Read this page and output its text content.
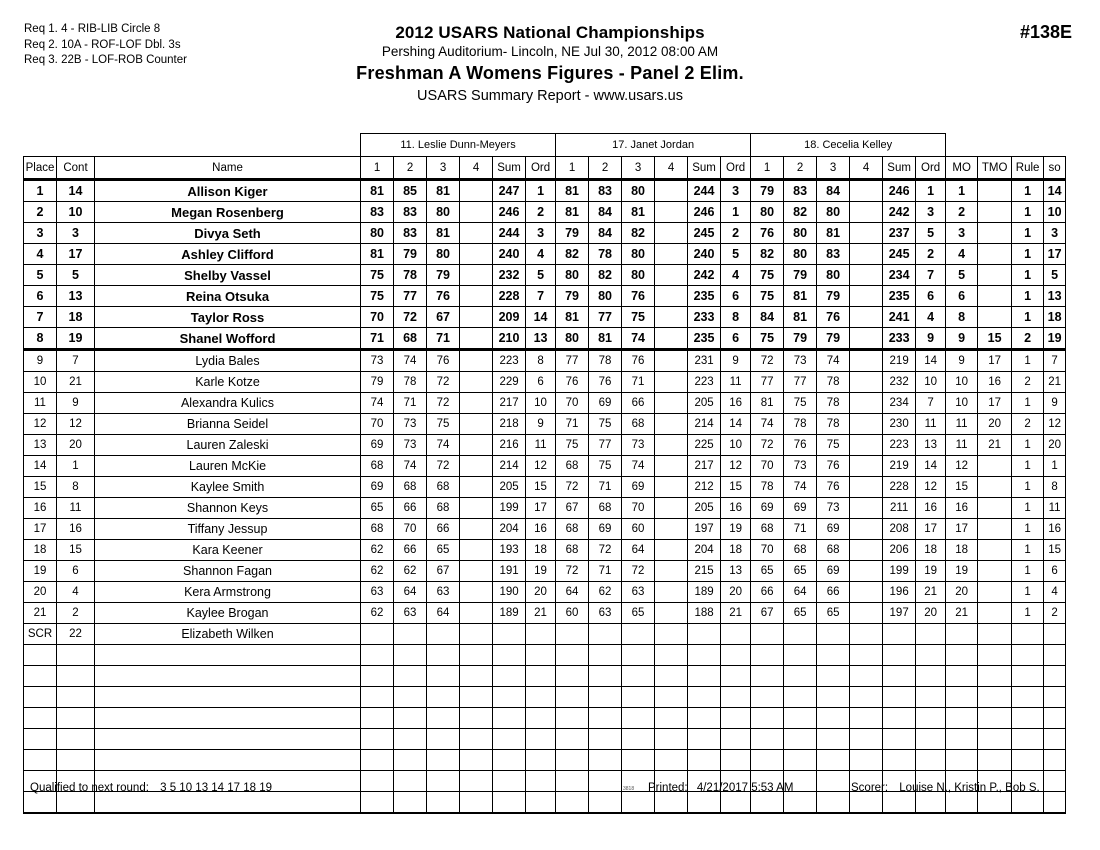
Req 1. 4 - RIB-LIB Circle 8
Req 2. 10A - ROF-LOF Dbl. 3s
Req 3. 22B - LOF-ROB Counter
2012 USARS National Championships
Pershing Auditorium- Lincoln, NE Jul 30, 2012 08:00 AM
Freshman A Womens Figures - Panel 2 Elim.
USARS Summary Report - www.usars.us
#138E
			11. Leslie Dunn-Meyers						17. Janet Jordan						18. Cecelia Kelley									
Place	Cont	Name	1	2	3	4	Sum	Ord	1	2	3	4	Sum	Ord	1	2	3	4	Sum	Ord	MO	TMO	Rule	so
1	14	Allison Kiger	81	85	81		247	1	81	83	80		244	3	79	83	84		246	1	1		1	14
2	10	Megan Rosenberg	83	83	80		246	2	81	84	81		246	1	80	82	80		242	3	2		1	10
3	3	Divya Seth	80	83	81		244	3	79	84	82		245	2	76	80	81		237	5	3		1	3
4	17	Ashley Clifford	81	79	80		240	4	82	78	80		240	5	82	80	83		245	2	4		1	17
5	5	Shelby Vassel	75	78	79		232	5	80	82	80		242	4	75	79	80		234	7	5		1	5
6	13	Reina Otsuka	75	77	76		228	7	79	80	76		235	6	75	81	79		235	6	6		1	13
7	18	Taylor Ross	70	72	67		209	14	81	77	75		233	8	84	81	76		241	4	8		1	18
8	19	Shanel Wofford	71	68	71		210	13	80	81	74		235	6	75	79	79		233	9	9	15	2	19
9	7	Lydia Bales	73	74	76		223	8	77	78	76		231	9	72	73	74		219	14	9	17	1	7
10	21	Karle Kotze	79	78	72		229	6	76	76	71		223	11	77	77	78		232	10	10	16	2	21
11	9	Alexandra Kulics	74	71	72		217	10	70	69	66		205	16	81	75	78		234	7	10	17	1	9
12	12	Brianna Seidel	70	73	75		218	9	71	75	68		214	14	74	78	78		230	11	11	20	2	12
13	20	Lauren Zaleski	69	73	74		216	11	75	77	73		225	10	72	76	75		223	13	11	21	1	20
14	1	Lauren McKie	68	74	72		214	12	68	75	74		217	12	70	73	76		219	14	12		1	1
15	8	Kaylee Smith	69	68	68		205	15	72	71	69		212	15	78	74	76		228	12	15		1	8
16	11	Shannon Keys	65	66	68		199	17	67	68	70		205	16	69	69	73		211	16	16		1	11
17	16	Tiffany Jessup	68	70	66		204	16	68	69	60		197	19	68	71	69		208	17	17		1	16
18	15	Kara Keener	62	66	65		193	18	68	72	64		204	18	70	68	68		206	18	18		1	15
19	6	Shannon Fagan	62	62	67		191	19	72	71	72		215	13	65	65	69		199	19	19		1	6
20	4	Kera Armstrong	63	64	63		190	20	64	62	63		189	20	66	64	66		196	21	20		1	4
21	2	Kaylee Brogan	62	63	64		189	21	60	63	65		188	21	67	65	65		197	20	21		1	2
SCR	22	Elizabeth Wilken																						

Qualified to next round: 3 5 10 13 14 17 18 19	3818 Printed: 4/21/2017 5:53 AM	Scorer: Louise N., Kristin P., Bob S.
